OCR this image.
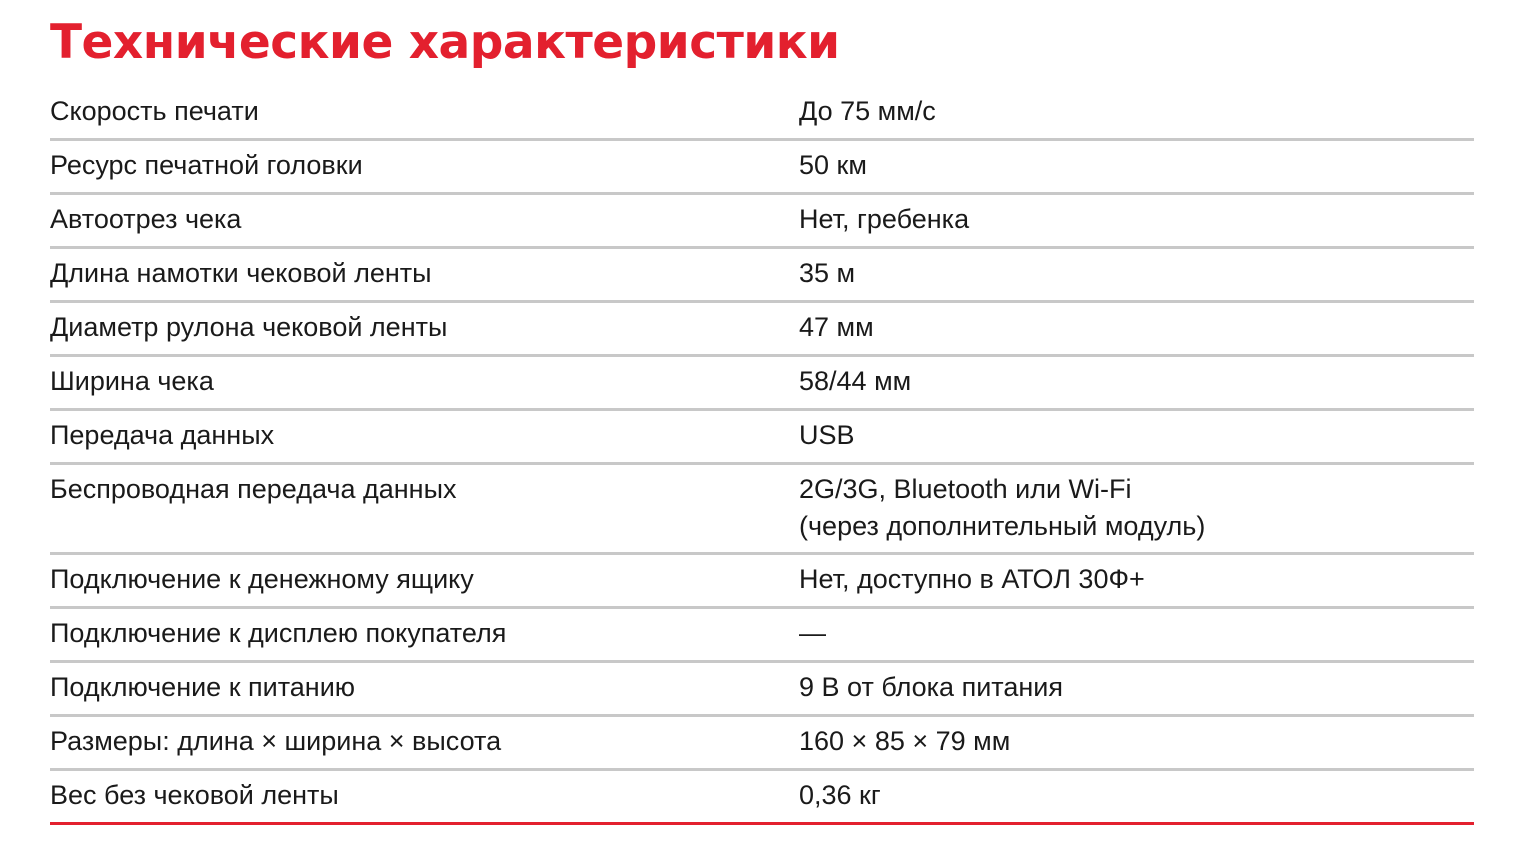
Технические характеристики
Скорость печати	До 75 мм/с
Ресурс печатной головки	50 км
Автоотрез чека	Нет, гребенка
Длина намотки чековой ленты	35 м
Диаметр рулона чековой ленты	47 мм
Ширина чека	58/44 мм
Передача данных	USB
Беспроводная передача данных	2G/3G, Bluetooth или Wi-Fi
(через дополнительный модуль)
Подключение к денежному ящику	Нет, доступно в АТОЛ 30Ф+
Подключение к дисплею покупателя	—
Подключение к питанию	9 В от блока питания
Размеры: длина × ширина × высота	160 × 85 × 79 мм
Вес без чековой ленты	0,36 кг
